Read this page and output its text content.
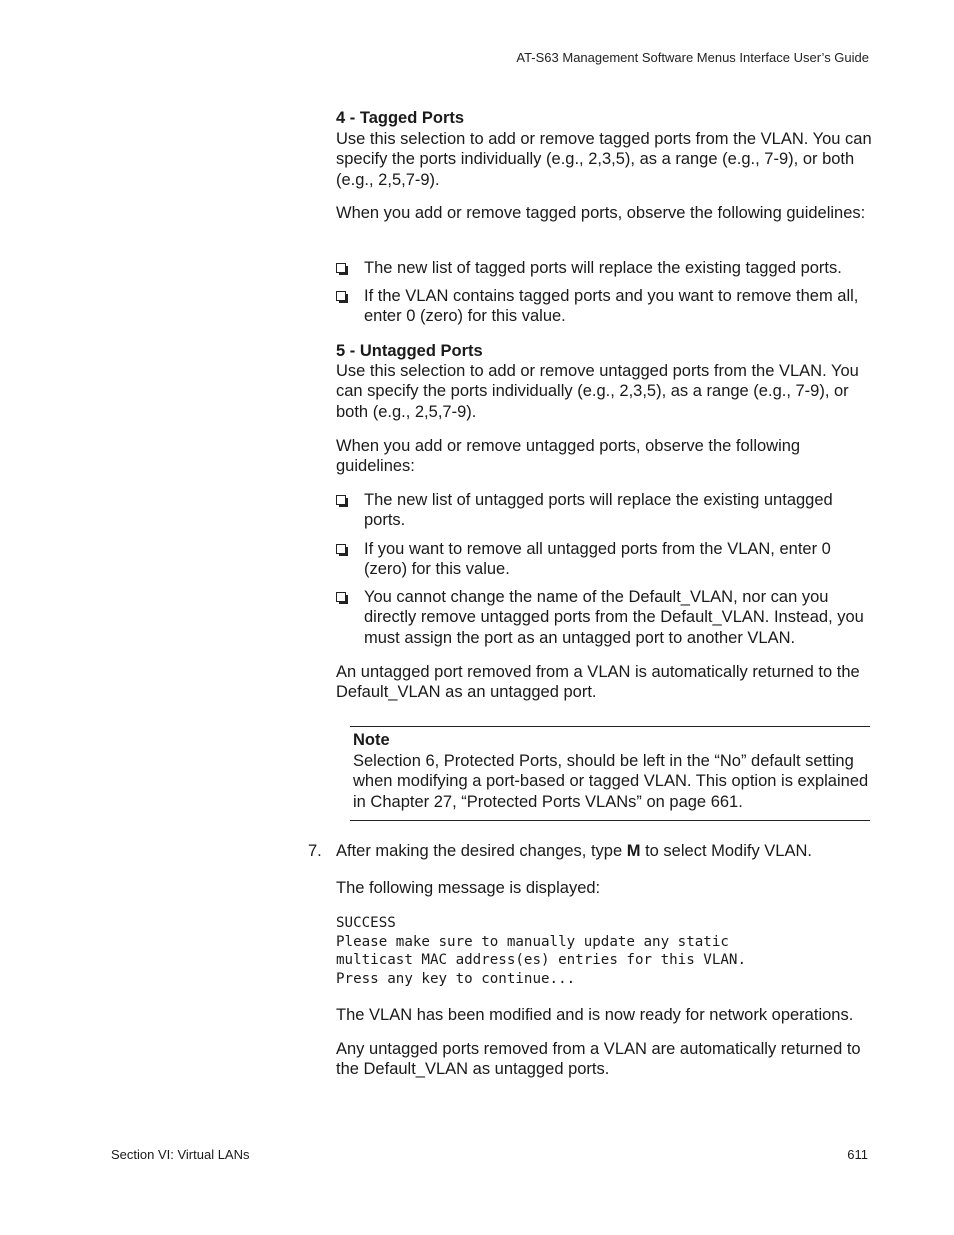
AT-S63 Management Software Menus Interface User’s Guide
4 - Tagged Ports
Use this selection to add or remove tagged ports from the VLAN. You can specify the ports individually (e.g., 2,3,5), as a range (e.g., 7-9), or both (e.g., 2,5,7-9).
When you add or remove tagged ports, observe the following guidelines:
The new list of tagged ports will replace the existing tagged ports.
If the VLAN contains tagged ports and you want to remove them all, enter 0 (zero) for this value.
5 - Untagged Ports
Use this selection to add or remove untagged ports from the VLAN. You can specify the ports individually (e.g., 2,3,5), as a range (e.g., 7-9), or both (e.g., 2,5,7-9).
When you add or remove untagged ports, observe the following guidelines:
The new list of untagged ports will replace the existing untagged ports.
If you want to remove all untagged ports from the VLAN, enter 0 (zero) for this value.
You cannot change the name of the Default_VLAN, nor can you directly remove untagged ports from the Default_VLAN. Instead, you must assign the port as an untagged port to another VLAN.
An untagged port removed from a VLAN is automatically returned to the Default_VLAN as an untagged port.
Note
Selection 6, Protected Ports, should be left in the “No” default setting when modifying a port-based or tagged VLAN. This option is explained in Chapter 27, “Protected Ports VLANs” on page 661.
7. After making the desired changes, type M to select Modify VLAN.
The following message is displayed:
SUCCESS
Please make sure to manually update any static
multicast MAC address(es) entries for this VLAN.
Press any key to continue...
The VLAN has been modified and is now ready for network operations.
Any untagged ports removed from a VLAN are automatically returned to the Default_VLAN as untagged ports.
Section VI: Virtual LANs	611
